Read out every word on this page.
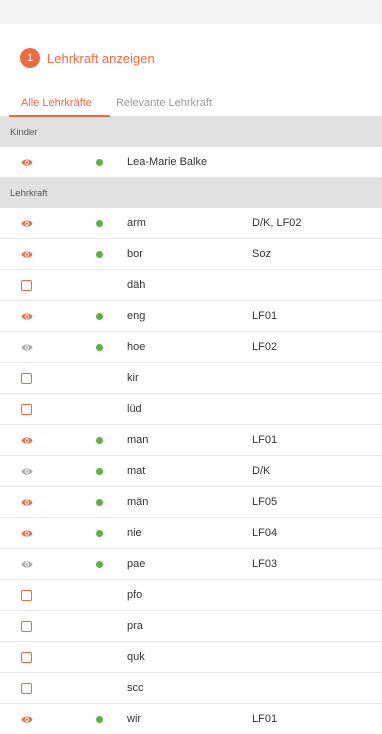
1	Lehrkraft anzeigen
Alle Lehrkräfte	Relevante Lehrkraft
Kinder
Lea-Marie Balke
Lehrkraft
arm	D/K, LF02
bor	Soz
däh
eng	LF01
hoe	LF02
kir
lüd
man	LF01
mat	D/K
män	LF05
nie	LF04
pae	LF03
pfo
pra
quk
scc
wir	LF01
